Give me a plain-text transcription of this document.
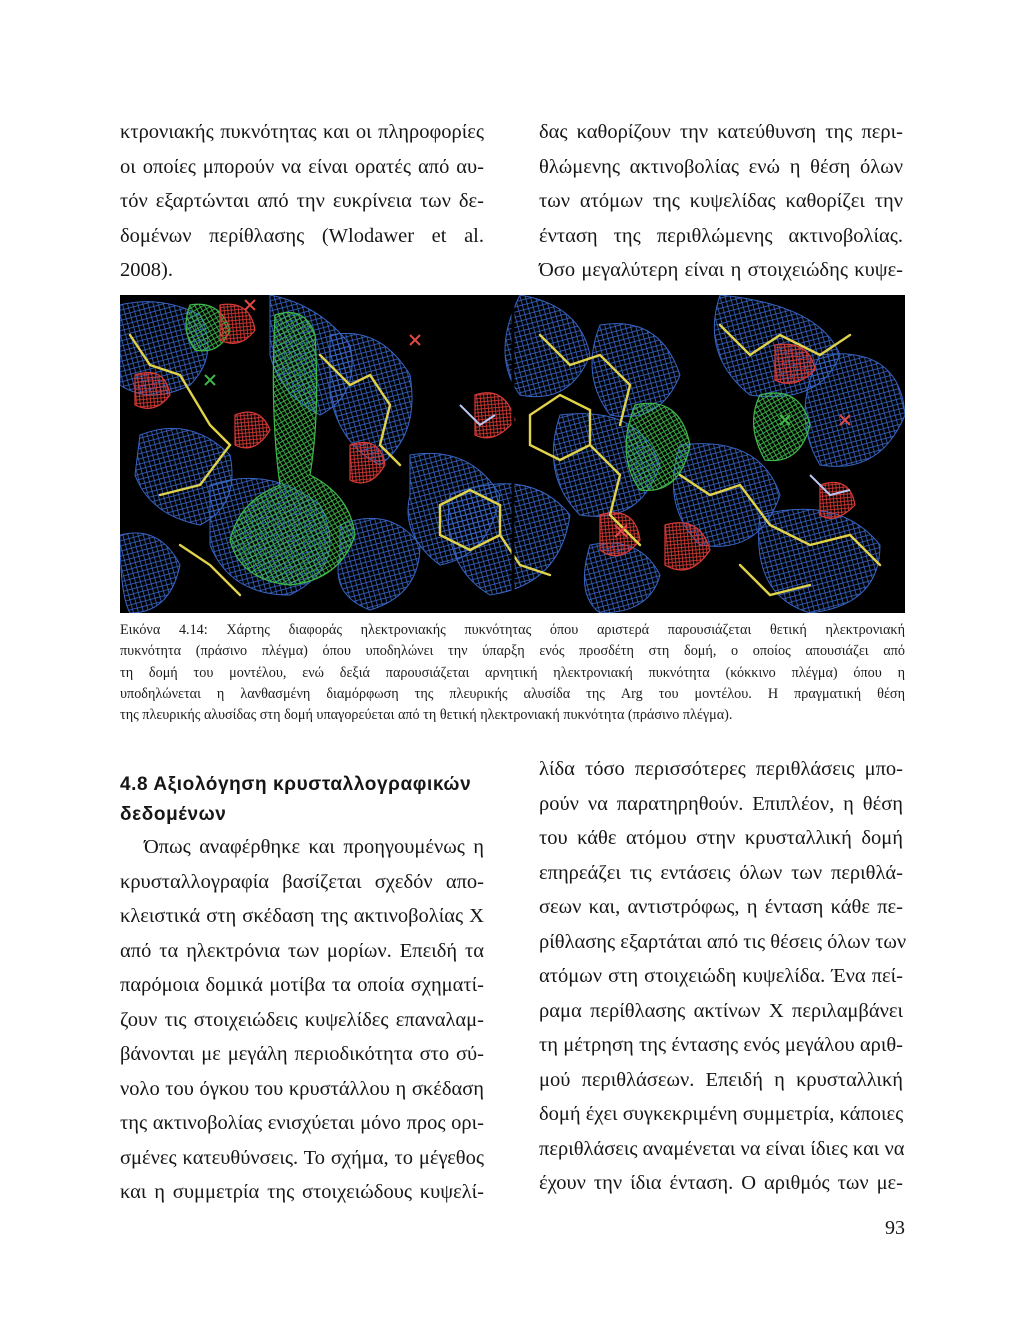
κτρονιακής πυκνότητας και οι πληροφορίες
οι οποίες μπορούν να είναι ορατές από αυ-
τόν εξαρτώνται από την ευκρίνεια των δε-
δομένων περίθλασης (Wlodawer et al.
2008).
δας καθορίζουν την κατεύθυνση της περι-
θλώμενης ακτινοβολίας ενώ η θέση όλων
των ατόμων της κυψελίδας καθορίζει την
ένταση της περιθλώμενης ακτινοβολίας.
Όσο μεγαλύτερη είναι η στοιχειώδης κυψε-
Εικόνα 4.14: Χάρτης διαφοράς ηλεκτρονιακής πυκνότητας όπου αριστερά παρουσιάζεται θετική ηλεκτρονιακή
πυκνότητα (πράσινο πλέγμα) όπου υποδηλώνει την ύπαρξη ενός προσδέτη στη δομή, ο οποίος απουσιάζει από
τη δομή του μοντέλου, ενώ δεξιά παρουσιάζεται αρνητική ηλεκτρονιακή πυκνότητα (κόκκινο πλέγμα) όπου η
υποδηλώνεται η λανθασμένη διαμόρφωση της πλευρικής αλυσίδα της Arg του μοντέλου. Η πραγματική θέση
της πλευρικής αλυσίδας στη δομή υπαγορεύεται από τη θετική ηλεκτρονιακή πυκνότητα (πράσινο πλέγμα).
4.8 Αξιολόγηση κρυσταλλογραφικών
δεδομένων
Όπως αναφέρθηκε και προηγουμένως η
κρυσταλλογραφία βασίζεται σχεδόν απο-
κλειστικά στη σκέδαση της ακτινοβολίας X
από τα ηλεκτρόνια των μορίων. Επειδή τα
παρόμοια δομικά μοτίβα τα οποία σχηματί-
ζουν τις στοιχειώδεις κυψελίδες επαναλαμ-
βάνονται με μεγάλη περιοδικότητα στο σύ-
νολο του όγκου του κρυστάλλου η σκέδαση
της ακτινοβολίας ενισχύεται μόνο προς ορι-
σμένες κατευθύνσεις. Το σχήμα, το μέγεθος
και η συμμετρία της στοιχειώδους κυψελί-
λίδα τόσο περισσότερες περιθλάσεις μπο-
ρούν να παρατηρηθούν. Επιπλέον, η θέση
του κάθε ατόμου στην κρυσταλλική δομή
επηρεάζει τις εντάσεις όλων των περιθλά-
σεων και, αντιστρόφως, η ένταση κάθε πε-
ρίθλασης εξαρτάται από τις θέσεις όλων των
ατόμων στη στοιχειώδη κυψελίδα. Ένα πεί-
ραμα περίθλασης ακτίνων X περιλαμβάνει
τη μέτρηση της έντασης ενός μεγάλου αριθ-
μού περιθλάσεων. Επειδή η κρυσταλλική
δομή έχει συγκεκριμένη συμμετρία, κάποιες
περιθλάσεις αναμένεται να είναι ίδιες και να
έχουν την ίδια ένταση. Ο αριθμός των με-
93
